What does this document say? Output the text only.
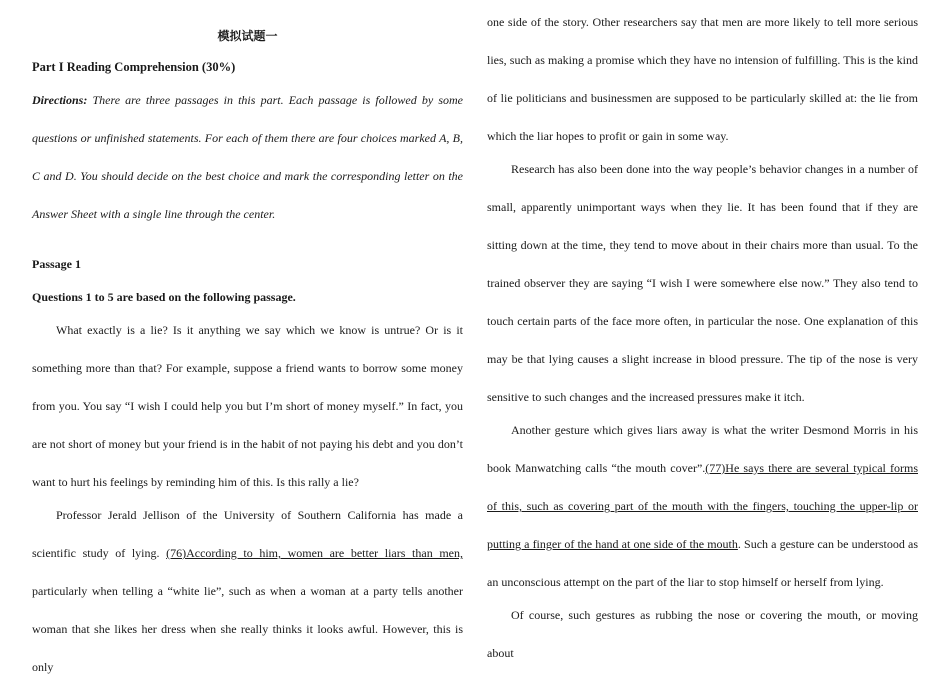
模拟试题一
Part I Reading Comprehension (30%)
Directions: There are three passages in this part. Each passage is followed by some questions or unfinished statements. For each of them there are four choices marked A, B, C and D. You should decide on the best choice and mark the corresponding letter on the Answer Sheet with a single line through the center.
Passage 1
Questions 1 to 5 are based on the following passage.
What exactly is a lie? Is it anything we say which we know is untrue? Or is it something more than that? For example, suppose a friend wants to borrow some money from you. You say “I wish I could help you but I’m short of money myself.” In fact, you are not short of money but your friend is in the habit of not paying his debt and you don’t want to hurt his feelings by reminding him of this. Is this rally a lie?
Professor Jerald Jellison of the University of Southern California has made a scientific study of lying. (76)According to him, women are better liars than men, particularly when telling a “white lie”, such as when a woman at a party tells another woman that she likes her dress when she really thinks it looks awful. However, this is only
one side of the story. Other researchers say that men are more likely to tell more serious lies, such as making a promise which they have no intension of fulfilling. This is the kind of lie politicians and businessmen are supposed to be particularly skilled at: the lie from which the liar hopes to profit or gain in some way.
Research has also been done into the way people’s behavior changes in a number of small, apparently unimportant ways when they lie. It has been found that if they are sitting down at the time, they tend to move about in their chairs more than usual. To the trained observer they are saying “I wish I were somewhere else now.” They also tend to touch certain parts of the face more often, in particular the nose. One explanation of this may be that lying causes a slight increase in blood pressure. The tip of the nose is very sensitive to such changes and the increased pressures make it itch.
Another gesture which gives liars away is what the writer Desmond Morris in his book Manwatching calls “the mouth cover”.(77)He says there are several typical forms of this, such as covering part of the mouth with the fingers, touching the upper-lip or putting a finger of the hand at one side of the mouth. Such a gesture can be understood as an unconscious attempt on the part of the liar to stop himself or herself from lying.
Of course, such gestures as rubbing the nose or covering the mouth, or moving about
